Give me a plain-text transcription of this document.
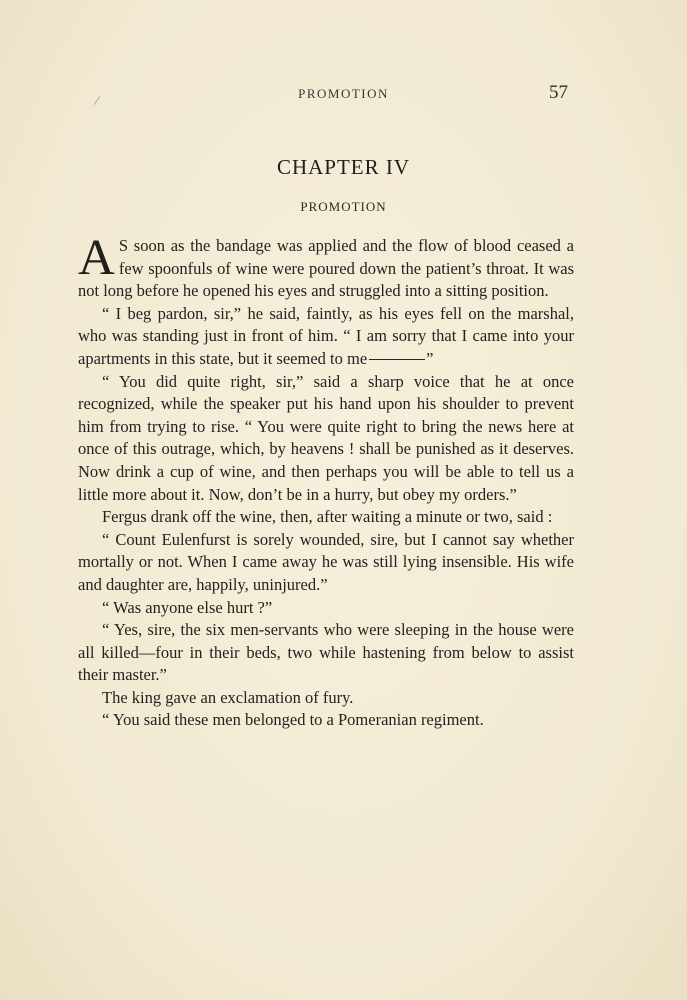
PROMOTION	57
CHAPTER IV
PROMOTION

A S soon as the bandage was applied and the flow of blood ceased a few spoonfuls of wine were poured down the patient’s throat. It was not long before he opened his eyes and struggled into a sitting position.

“ I beg pardon, sir,” he said, faintly, as his eyes fell on the marshal, who was standing just in front of him. “ I am sorry that I came into your apartments in this state, but it seemed to me	”

“ You did quite right, sir,” said a sharp voice that he at once recognized, while the speaker put his hand upon his shoulder to prevent him from trying to rise. “ You were quite right to bring the news here at once of this outrage, which, by heavens ! shall be punished as it deserves. Now drink a cup of wine, and then perhaps you will be able to tell us a little more about it. Now, don’t be in a hurry, but obey my orders.”

Fergus drank off the wine, then, after waiting a minute or two, said :

“ Count Eulenfurst is sorely wounded, sire, but I cannot say whether mortally or not. When I came away he was still lying insensible. His wife and daughter are, happily, uninjured.”

“ Was anyone else hurt ?”

“ Yes, sire, the six men-servants who were sleeping in the house were all killed—four in their beds, two while hastening from below to assist their master.”

The king gave an exclamation of fury.

“ You said these men belonged to a Pomeranian regiment.
